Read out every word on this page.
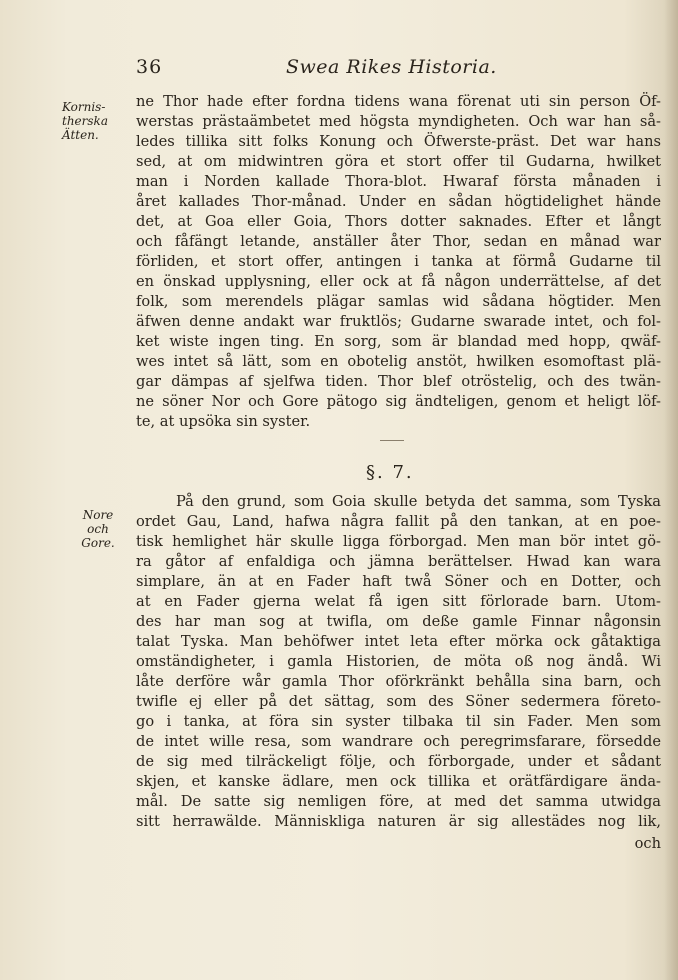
36	Swea Rikes Historia.
Kornis-
therska
Ätten.
Nore
och
Gore.
ne Thor hade efter fordna tidens wana förenat uti sin person Öf-
werstas prästaämbetet med högsta myndigheten. Och war han så-
ledes tillika sitt folks Konung och Öfwerste-präst. Det war hans
sed, at om midwintren göra et stort offer til Gudarna, hwilket
man i Norden kallade Thora-blot. Hwaraf första månaden i
året kallades Thor-månad. Under en sådan högtidelighet hände
det, at Goa eller Goia, Thors dotter saknades. Efter et långt
och fåfängt letande, anställer åter Thor, sedan en månad war
förliden, et stort offer, antingen i tanka at förmå Gudarne til
en önskad upplysning, eller ock at få någon underrättelse, af det
folk, som merendels plägar samlas wid sådana högtider. Men
äfwen denne andakt war fruktlös; Gudarne swarade intet, och fol-
ket wiste ingen ting. En sorg, som är blandad med hopp, qwäf-
wes intet så lätt, som en obotelig anstöt, hwilken esomoftast plä-
gar dämpas af sjelfwa tiden. Thor blef otröstelig, och des twän-
ne söner Nor och Gore pätogo sig ändteligen, genom et heligt löf-
te, at upsöka sin syster.
§. 7.
På den grund, som Goia skulle betyda det samma, som Tyska
ordet Gau, Land, hafwa några fallit på den tankan, at en poe-
tisk hemlighet här skulle ligga förborgad. Men man bör intet gö-
ra gåtor af enfaldiga och jämna berättelser. Hwad kan wara
simplare, än at en Fader haft twå Söner och en Dotter, och
at en Fader gjerna welat få igen sitt förlorade barn. Utom-
des har man sog at twifla, om deße gamle Finnar någonsin
talat Tyska. Man behöfwer intet leta efter mörka ock gåtaktiga
omständigheter, i gamla Historien, de möta oß nog ändå. Wi
låte derföre wår gamla Thor oförkränkt behålla sina barn, och
twifle ej eller på det sättag, som des Söner sedermera företo-
go i tanka, at föra sin syster tilbaka til sin Fader. Men som
de intet wille resa, som wandrare och peregrimsfarare, försedde
de sig med tilräckeligt följe, och förborgade, under et sådant
skjen, et kanske ädlare, men ock tillika et orätfärdigare ända-
mål. De satte sig nemligen före, at med det samma utwidga
sitt herrawälde. Människliga naturen är sig allestädes nog lik,
och
